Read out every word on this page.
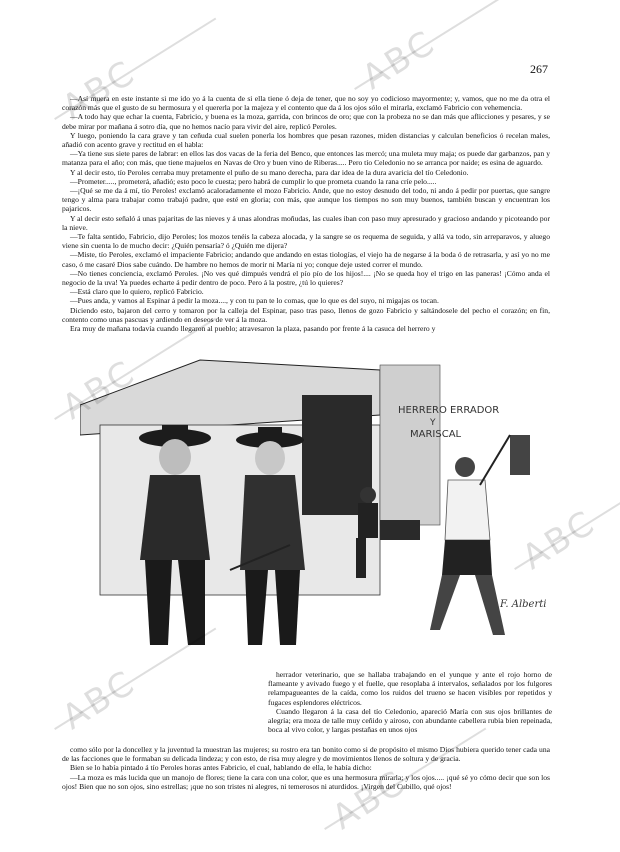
267

—Así muera en este instante si me ido yo á la cuenta de si ella tiene ó deja de tener, que no soy yo codicioso mayormente; y, vamos, que no me da otra el corazón más que el gusto de su hermosura y el quererla por la majeza y el contento que da á los ojos sólo el mirarla, exclamó Fabricio con vehemencia.

—A todo hay que echar la cuenta, Fabricio, y buena es la moza, garrida, con brincos de oro; que con la probeza no se dan más que aflicciones y pesares, y se debe mirar por mañana á sotro día, que no hemos nacío para vivir del aire, replicó Peroles.

Y luego, poniendo la cara grave y tan ceñuda cual suelen ponerla los hombres que pesan razones, miden distancias y calculan beneficios ó recelan males, añadió con acento grave y rectitud en el habla:

—Ya tiene sus siete pares de labrar: en ellos las dos vacas de la feria del Benco, que entonces las mercó; una muleta muy maja; os puede dar garbanzos, pan y matanza para el año; con más, que tiene majuelos en Navas de Oro y buen vino de Riberas..... Pero tío Celedonio no se arranca por naide; es esina de aguardo.

Y al decir esto, tío Peroles cerraba muy pretamente el puño de su mano derecha, para dar idea de la dura avaricia del tío Celedonio.

—Prometer....., prometerá, añadió; esto poco le cuesta; pero habrá de cumplir lo que prometa cuando la rana críe pelo.....

—¡Qué se me da á mí, tío Peroles! exclamó acaloradamente el mozo Fabricio. Ande, que no estoy desnudo del todo, ni ando á pedir por puertas, que sangre tengo y alma para trabajar como trabajó padre, que esté en gloria; con más, que aunque los tiempos no son muy buenos, también buscan y encuentran los pajaricos.

Y al decir esto señaló á unas pajaritas de las nieves y á unas alondras moñudas, las cuales iban con paso muy apresurado y gracioso andando y picoteando por la nieve.

—Te falta sentido, Fabricio, dijo Peroles; los mozos tenéis la cabeza alocada, y la sangre se os requema de seguida, y allá va todo, sin arreparavos, y aluego viene sin cuenta lo de mucho decir: ¿Quién pensaría? ó ¿Quién me dijera?

—Miste, tío Peroles, exclamó el impaciente Fabricio; andando que andando en estas tiologías, el viejo ha de negarse á la boda ó de retrasarla, y así yo no me caso, ó me casaré Dios sabe cuándo. De hambre no hemos de morir ni María ni yo; conque deje usted correr el mundo.

—No tienes conciencia, exclamó Peroles. ¡No ves qué dimpués vendrá el pío pío de los hijos!.... ¡No se queda hoy el trigo en las paneras! ¡Cómo anda el negocio de la uva! Ya puedes echarte á pedir dentro de poco. Pero á la postre, ¿tú lo quieres?

—Está claro que lo quiero, replicó Fabricio.

—Pues anda, y vamos al Espinar á pedir la moza...., y con tu pan te lo comas, que lo que es del suyo, ni migajas os tocan.

Diciendo esto, bajaron del cerro y tomaron por la calleja del Espinar, paso tras paso, llenos de gozo Fabricio y saltándosele del pecho el corazón; en fin, contento como unas pascuas y ardiendo en deseos de ver á la moza.

Era muy de mañana todavía cuando llegaron al pueblo; atravesaron la plaza, pasando por frente á la casuca del herrero y

HERRERO ERRADOR
Y
MARISCAL
F. Alberti

herrador veterinario, que se hallaba trabajando en el yunque y ante el rojo horno de flameante y avivado fuego y el fuelle, que resoplaba á intervalos, señalados por los fulgores relampagueantes de la caída, como los ruidos del trueno se hacen visibles por repetidos y fugaces esplendores eléctricos.

Cuando llegaron á la casa del tío Celedonio, apareció María con sus ojos brillantes de alegría; era moza de talle muy ceñido y airoso, con abundante cabellera rubia bien repeinada, boca al vivo color, y largas pestañas en unos ojos

como sólo por la doncellez y la juventud la muestran las mujeres; su rostro era tan bonito como si de propósito el mismo Dios hubiera querido tener cada una de las facciones que le formaban su delicada lindeza; y con esto, de risa muy alegre y de movimientos llenos de soltura y de gracia.

Bien se lo había pintado á tío Peroles horas antes Fabricio, el cual, hablando de ella, le había dicho:

—La moza es más lucida que un manojo de flores; tiene la cara con una color, que es una hermosura mirarla; y los ojos..... ¡qué sé yo cómo decir que son los ojos! Bien que no son ojos, sino estrellas; ¡que no son tristes ni alegres, ni temerosos ni aturdidos. ¡Virgen del Cubillo, qué ojos!

ABC	ABC
ABC
ABC
ABC
ABC
